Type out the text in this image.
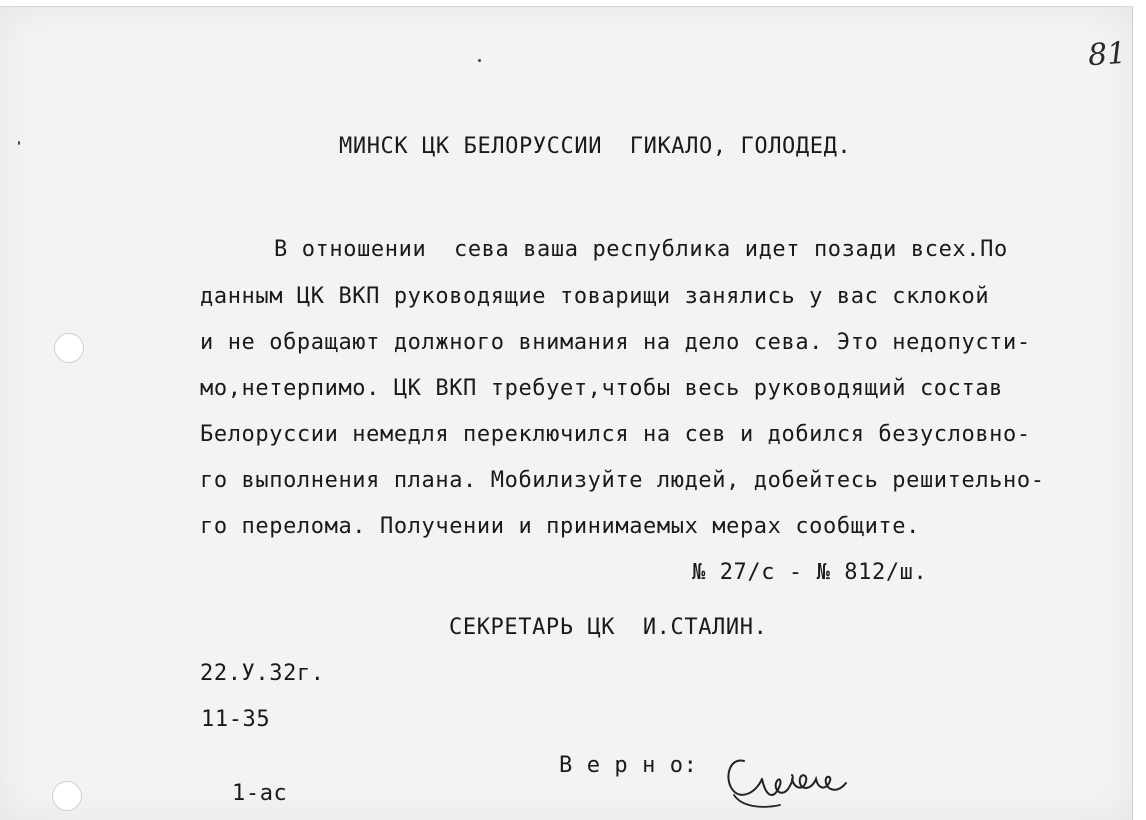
81

МИНСК ЦК БЕЛОРУССИИ  ГИКАЛО, ГОЛОДЕД.

В отношении  сева ваша республика идет позади всех.По

данным ЦК ВКП руководящие товарищи занялись у вас склокой

и не обращают должного внимания на дело сева. Это недопусти-

мо,нетерпимо. ЦК ВКП требует,чтобы весь руководящий состав

Белоруссии немедля переключился на сев и добился безусловно-

го выполнения плана. Мобилизуйте людей, добейтесь решительно-

го перелома. Получении и принимаемых мерах сообщите.

№ 27/с - № 812/ш.

СЕКРЕТАРЬ ЦК  И.СТАЛИН.

22.У.32г.

11-35

В е р н о:

1-ас
